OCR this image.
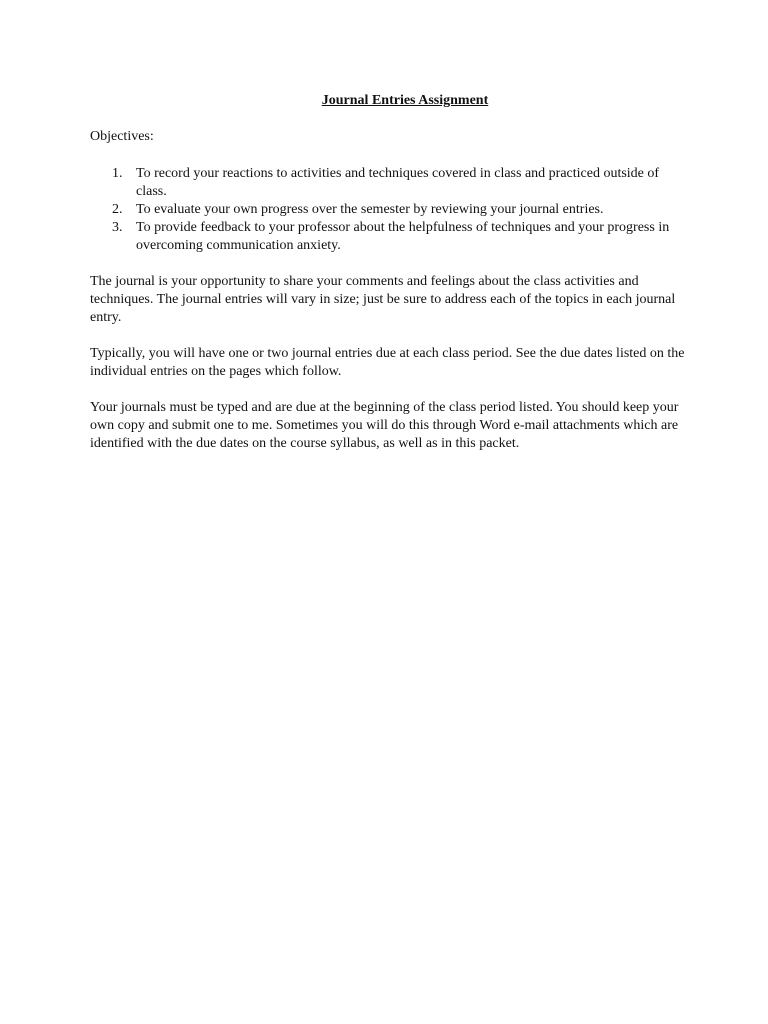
Journal Entries Assignment
Objectives:
1. To record your reactions to activities and techniques covered in class and practiced outside of class.
2. To evaluate your own progress over the semester by reviewing your journal entries.
3. To provide feedback to your professor about the helpfulness of techniques and your progress in overcoming communication anxiety.

The journal is your opportunity to share your comments and feelings about the class activities and techniques. The journal entries will vary in size; just be sure to address each of the topics in each journal entry.

Typically, you will have one or two journal entries due at each class period. See the due dates listed on the individual entries on the pages which follow.

Your journals must be typed and are due at the beginning of the class period listed. You should keep your own copy and submit one to me. Sometimes you will do this through Word e-mail attachments which are identified with the due dates on the course syllabus, as well as in this packet.
